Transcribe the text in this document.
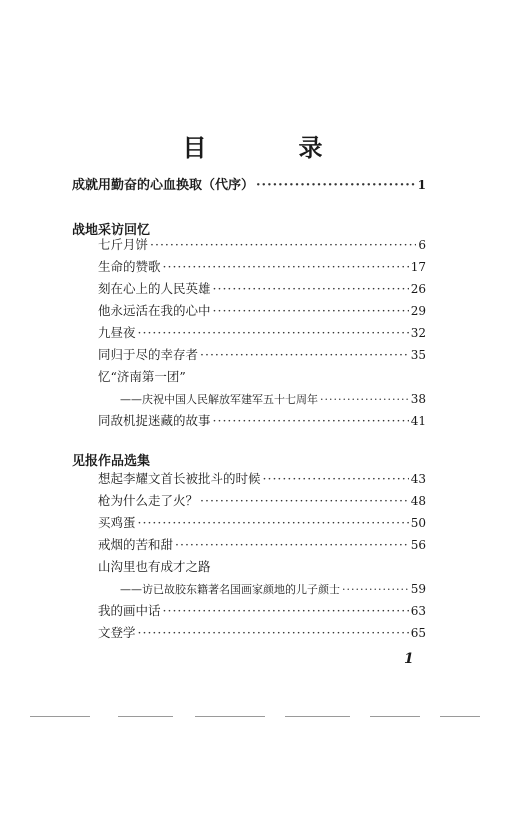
目　录
成就用勤奋的心血换取（代序） ·····	1
战地采访回忆
七斤月饼 ·····	6
生命的赞歌 ·····	17
刻在心上的人民英雄 ·····	26
他永远活在我的心中 ·····	29
九昼夜 ·····	32
同归于尽的幸存者 ·····	35
忆“济南第一团”
——庆祝中国人民解放军建军五十七周年 ·····	38
同敌机捉迷藏的故事 ·····	41
见报作品选集
想起李耀文首长被批斗的时候 ·····	43
枪为什么走了火？ ·····	48
买鸡蛋 ·····	50
戒烟的苦和甜 ·····	56
山沟里也有成才之路
——访已故胶东籍著名国画家颜地的儿子颜士 ·····	59
我的画中话 ·····	63
文登学 ·····	65
1
